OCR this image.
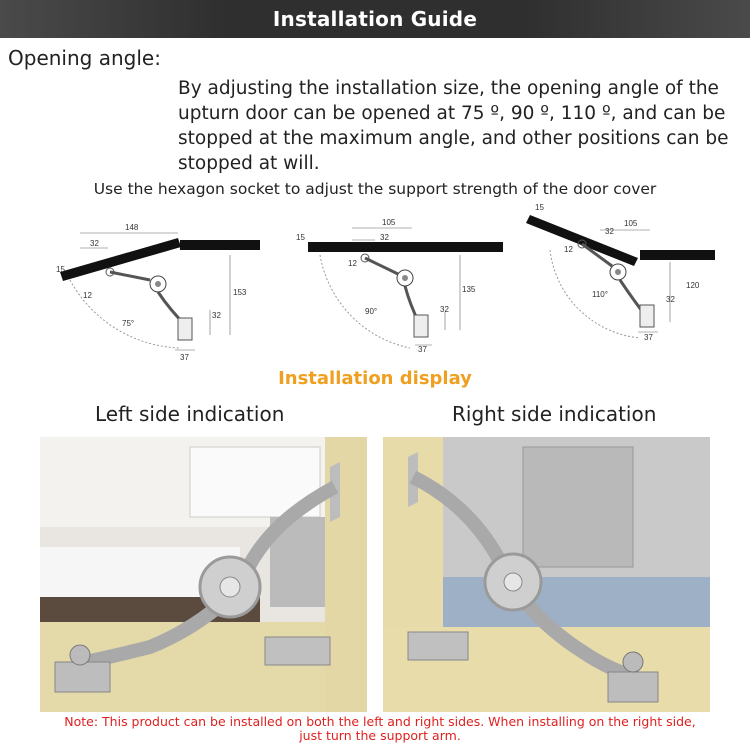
Installation Guide
Opening angle:
By adjusting the installation size, the opening angle of the upturn door can be opened at 75 º, 90 º, 110 º, and can be stopped at the maximum angle, and other positions can be stopped at will.
Use the hexagon socket to adjust the support strength of the door cover
148
32
15
12	153
32
37
75°
105
32
15
12
135
32
37
90°
15
105
32
12
120
32
37
110°
Installation display
Left side indication	Right side indication
Note: This product can be installed on both the left and right sides. When installing on the right side, just turn the support arm.
